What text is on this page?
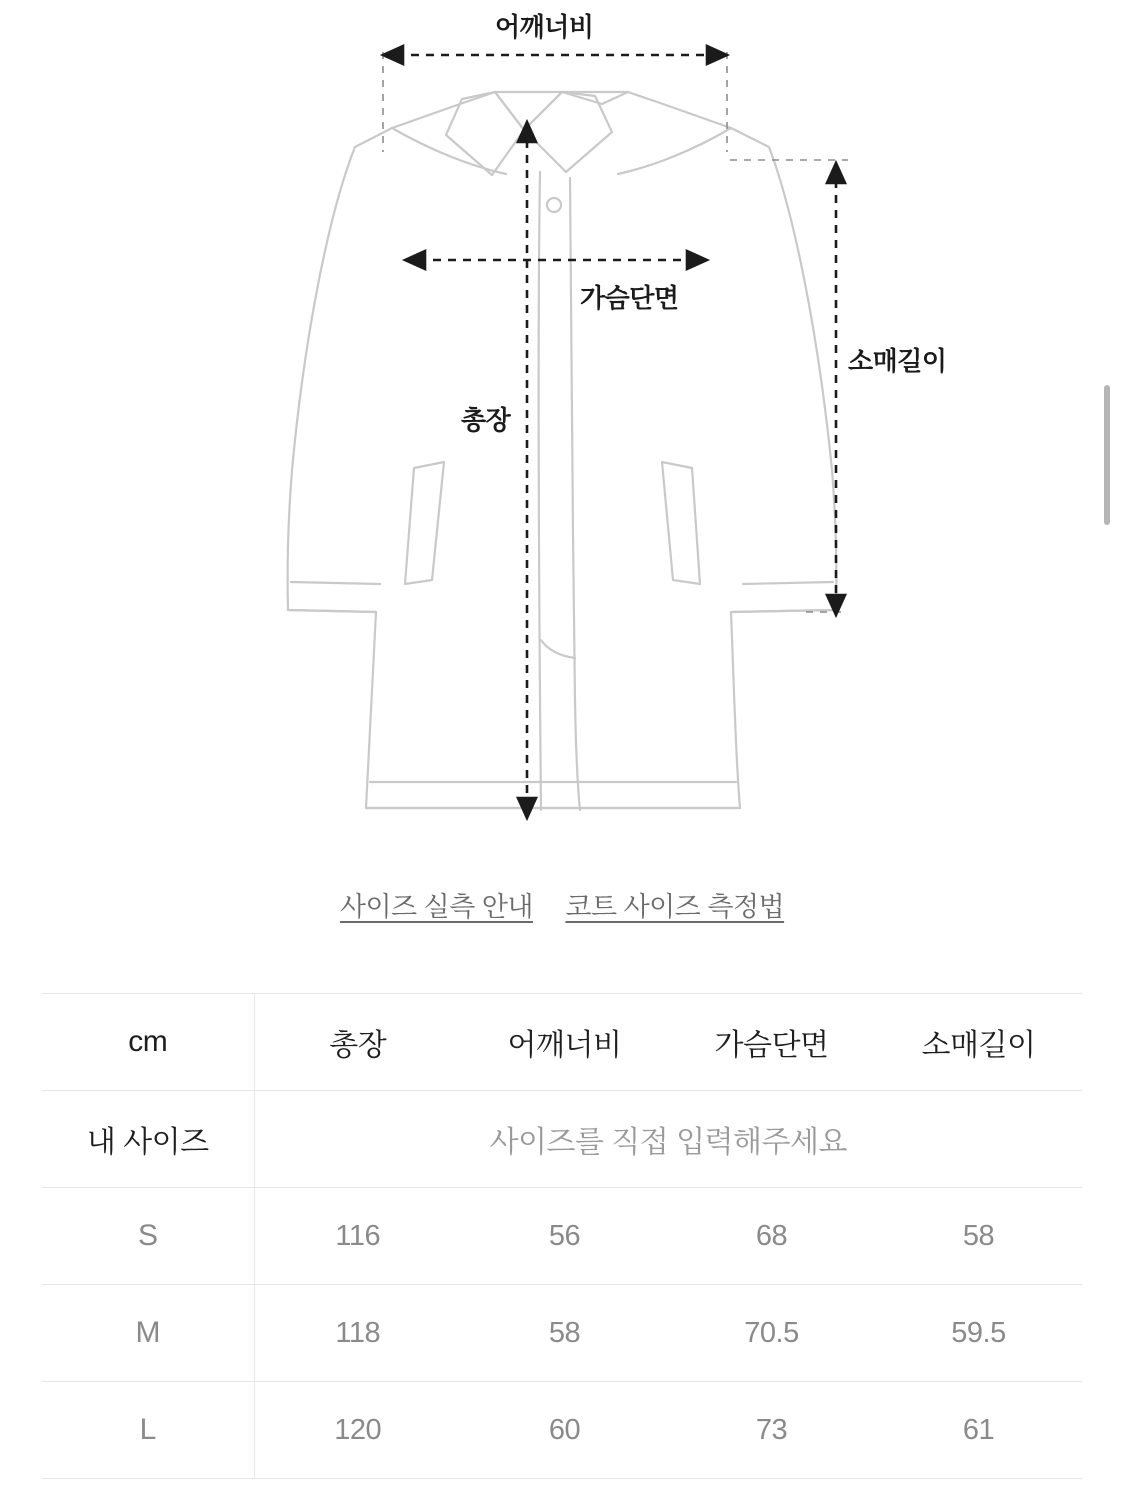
어깨너비
가슴단면
총장
소매길이
사이즈 실측 안내 코트 사이즈 측정법
cm	총장	어깨너비	가슴단면	소매길이
내 사이즈	사이즈를 직접 입력해주세요			
S	116	56	68	58
M	118	58	70.5	59.5
L	120	60	73	61
